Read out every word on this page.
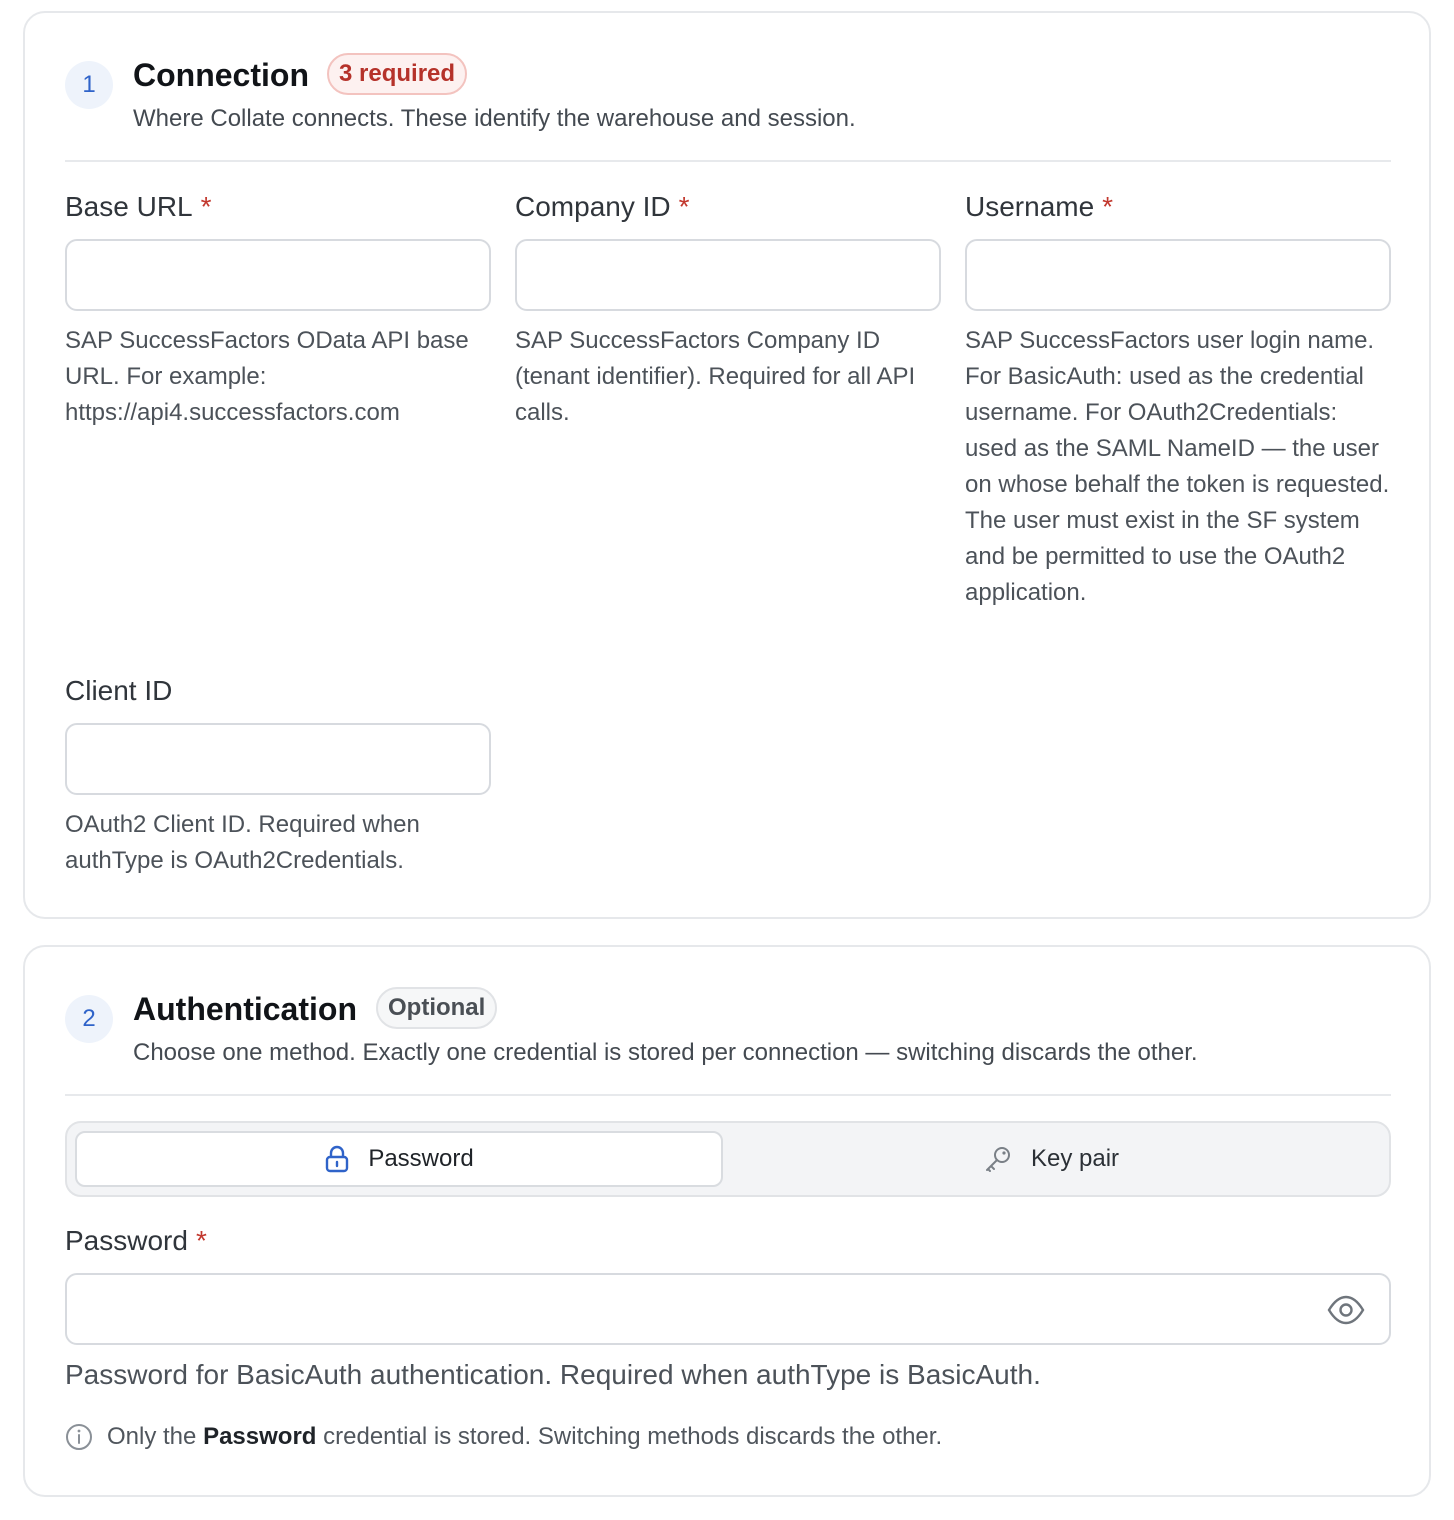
1	Connection	3 required
Where Collate connects. These identify the warehouse and session.
Base URL *
SAP SuccessFactors OData API base URL. For example: https://api4.successfactors.com
Company ID *
SAP SuccessFactors Company ID (tenant identifier). Required for all API calls.
Username *
SAP SuccessFactors user login name. For BasicAuth: used as the credential username. For OAuth2Credentials: used as the SAML NameID — the user on whose behalf the token is requested. The user must exist in the SF system and be permitted to use the OAuth2 application.
Client ID
OAuth2 Client ID. Required when authType is OAuth2Credentials.
2	Authentication	Optional
Choose one method. Exactly one credential is stored per connection — switching discards the other.
Password	Key pair
Password *
Password for BasicAuth authentication. Required when authType is BasicAuth.
Only the
Password
credential is stored. Switching methods discards the other.
